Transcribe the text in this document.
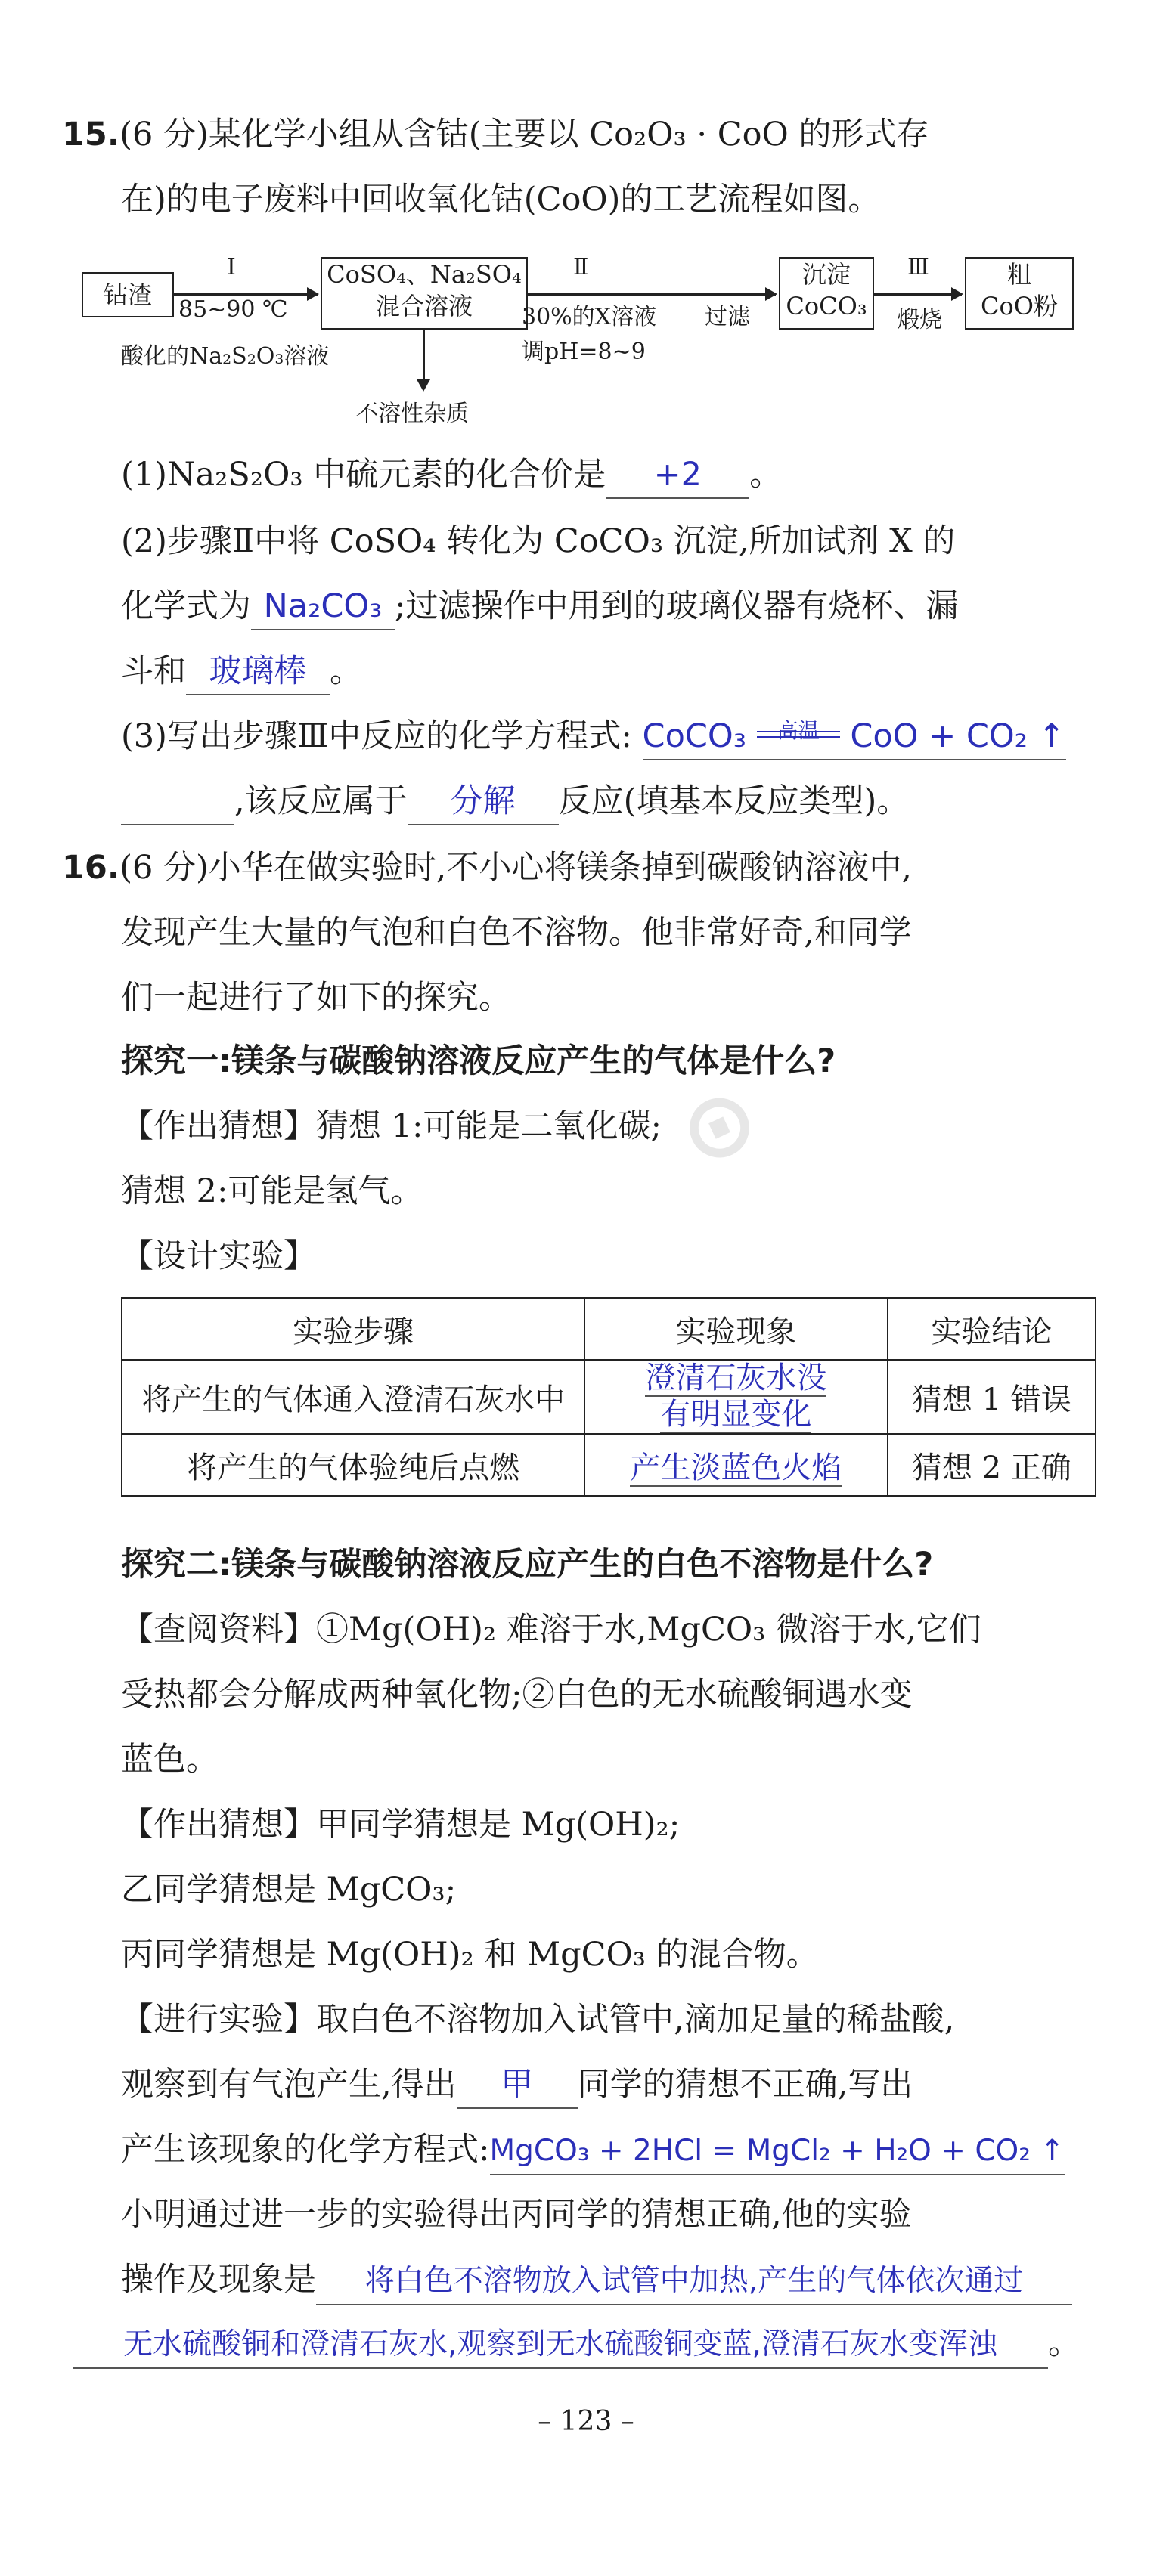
⊙
15.(6 分)某化学小组从含钴(主要以 Co₂O₃ · CoO 的形式存
在)的电子废料中回收氧化钴(CoO)的工艺流程如图。
钴渣
I
85~90 ℃
酸化的Na₂S₂O₃溶液
CoSO₄、Na₂SO₄
混合溶液
不溶性杂质
Ⅱ
30%的X溶液
调pH=8~9
过滤
沉淀
CoCO₃
Ⅲ
煅烧
粗
CoO粉
(1)Na₂S₂O₃ 中硫元素的化合价是 +2 。
(2)步骤Ⅱ中将 CoSO₄ 转化为 CoCO₃ 沉淀,所加试剂 X 的
化学式为 Na₂CO₃ ;过滤操作中用到的玻璃仪器有烧杯、漏
斗和 玻璃棒 。
(3)写出步骤Ⅲ中反应的化学方程式: CoCO₃	高温 CoO + CO₂ ↑
,该反应属于 分解 反应(填基本反应类型)。
16.(6 分)小华在做实验时,不小心将镁条掉到碳酸钠溶液中,
发现产生大量的气泡和白色不溶物。他非常好奇,和同学
们一起进行了如下的探究。
探究一:镁条与碳酸钠溶液反应产生的气体是什么?
【作出猜想】猜想 1:可能是二氧化碳;
猜想 2:可能是氢气。
【设计实验】
实验步骤	实验现象	实验结论
将产生的气体通入澄清石灰水中	澄清石灰水没
有明显变化	猜想 1 错误
将产生的气体验纯后点燃	产生淡蓝色火焰	猜想 2 正确
探究二:镁条与碳酸钠溶液反应产生的白色不溶物是什么?
【查阅资料】①Mg(OH)₂ 难溶于水,MgCO₃ 微溶于水,它们
受热都会分解成两种氧化物;②白色的无水硫酸铜遇水变
蓝色。
【作出猜想】甲同学猜想是 Mg(OH)₂;
乙同学猜想是 MgCO₃;
丙同学猜想是 Mg(OH)₂ 和 MgCO₃ 的混合物。
【进行实验】取白色不溶物加入试管中,滴加足量的稀盐酸,
观察到有气泡产生,得出 甲 同学的猜想不正确,写出
产生该现象的化学方程式:MgCO₃ + 2HCl = MgCl₂ + H₂O + CO₂ ↑
小明通过进一步的实验得出丙同学的猜想正确,他的实验
操作及现象是 将白色不溶物放入试管中加热,产生的气体依次通过
无水硫酸铜和澄清石灰水,观察到无水硫酸铜变蓝,澄清石灰水变浑浊 。
– 123 –
